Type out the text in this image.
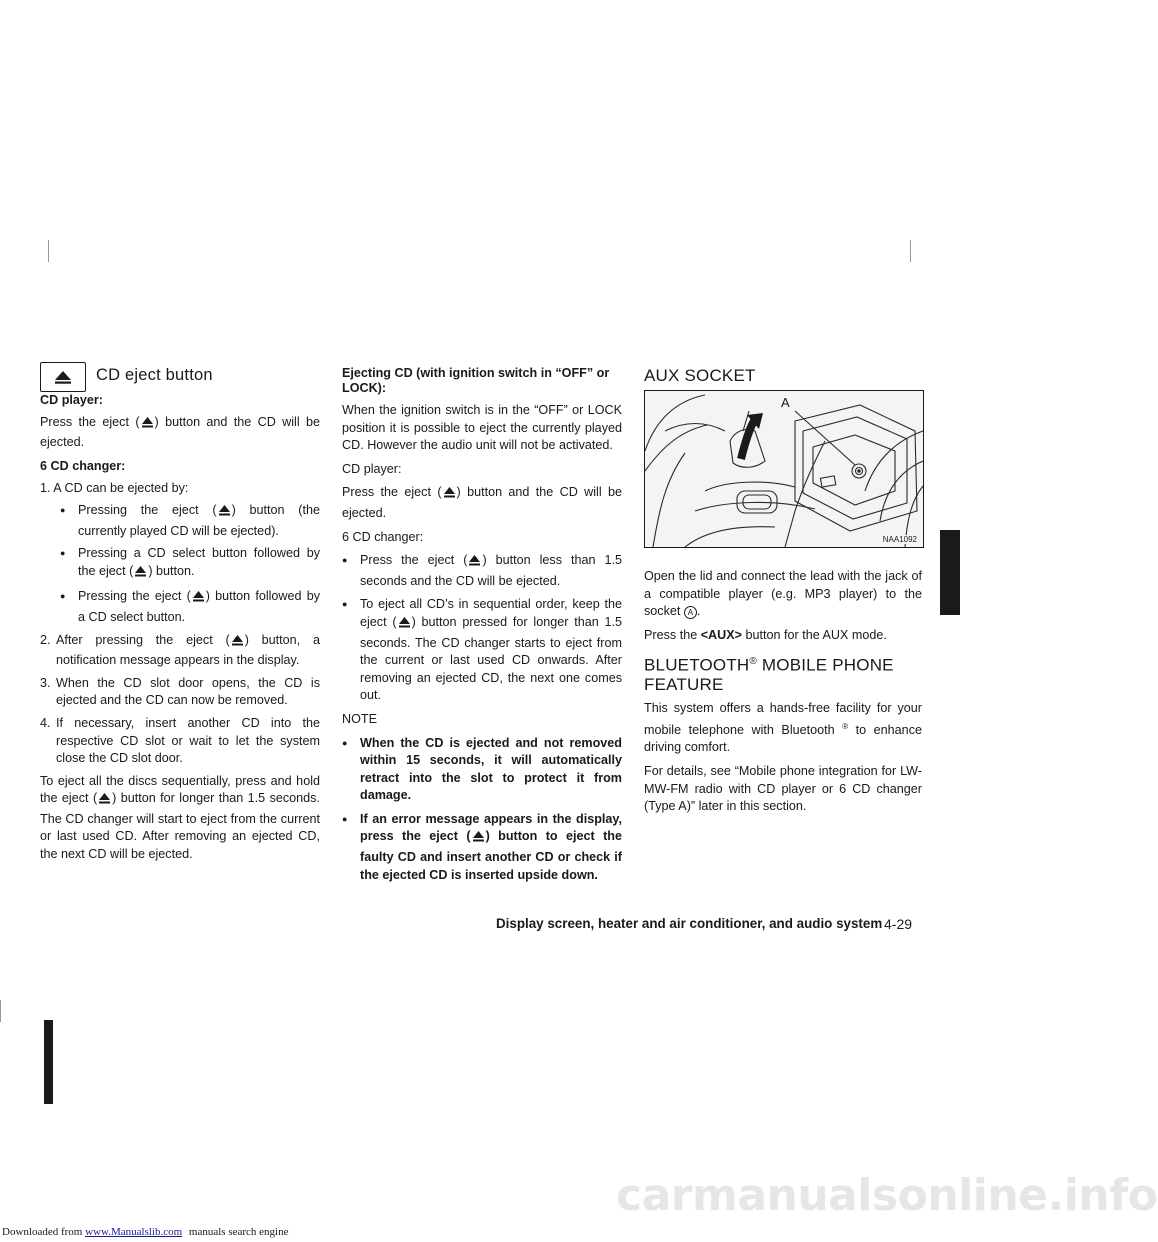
CD eject button

CD player:

Press the eject ( ) button and the CD will be ejected.

6 CD changer:

1. A CD can be ejected by:

● Pressing the eject ( ) button (the currently played CD will be ejected).

● Pressing a CD select button followed by the eject ( ) button.

● Pressing the eject ( ) button followed by a CD select button.

2. After pressing the eject ( ) button, a notification message appears in the display.

3. When the CD slot door opens, the CD is ejected and the CD can now be removed.

4. If necessary, insert another CD into the respective CD slot or wait to let the system close the CD slot door.

To eject all the discs sequentially, press and hold the eject ( ) button for longer than 1.5 seconds. The CD changer will start to eject from the current or last used CD. After removing an ejected CD, the next CD will be ejected.

Ejecting CD (with ignition switch in “OFF” or LOCK):

When the ignition switch is in the “OFF” or LOCK position it is possible to eject the currently played CD. However the audio unit will not be activated.

CD player:

Press the eject ( ) button and the CD will be ejected.

6 CD changer:

● Press the eject ( ) button less than 1.5 seconds and the CD will be ejected.

● To eject all CD’s in sequential order, keep the eject ( ) button pressed for longer than 1.5 seconds. The CD changer starts to eject from the current or last used CD onwards. After removing an ejected CD, the next one comes out.

NOTE

● When the CD is ejected and not removed within 15 seconds, it will automatically retract into the slot to protect it from damage.

● If an error message appears in the display, press the eject ( ) button to eject the faulty CD and insert another CD or check if the ejected CD is inserted upside down.

AUX SOCKET
A
NAA1092

Open the lid and connect the lead with the jack of a compatible player (e.g. MP3 player) to the socket A .

Press the <AUX> button for the AUX mode.

BLUETOOTH® MOBILE PHONE FEATURE

This system offers a hands-free facility for your mobile telephone with Bluetooth ® to enhance driving comfort.

For details, see “Mobile phone integration for LW-MW-FM radio with CD player or 6 CD changer (Type A)” later in this section.

Display screen, heater and air conditioner, and audio system 4-29
Downloaded from www.Manualslib.com manuals search engine
carmanualsonline.info
